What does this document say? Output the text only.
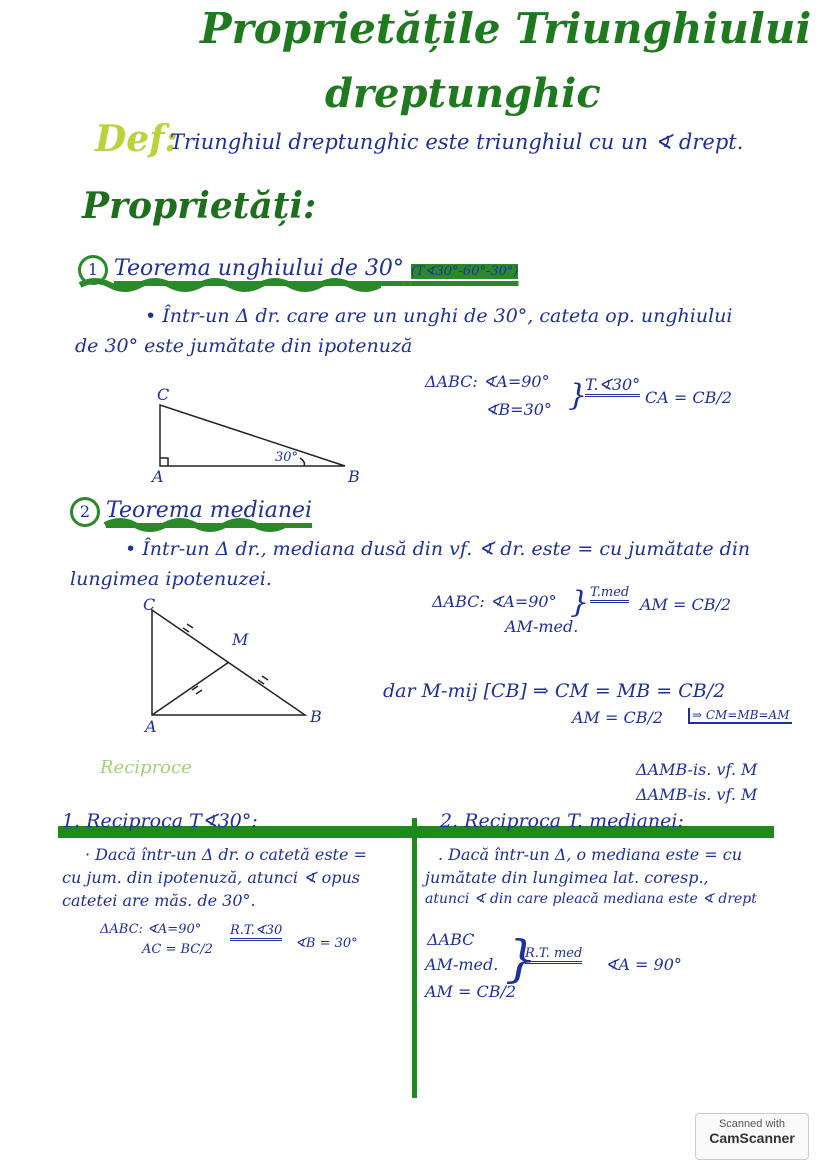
Proprietățile Triunghiului
dreptunghic
Def:
Triunghiul dreptunghic este triunghiul cu un ∢ drept.
Proprietăți:
1 Teorema unghiului de 30° (T∢30°-60°-30°)
• Într-un Δ dr. care are un unghi de 30°, cateta op. unghiului
de 30° este jumătate din ipotenuză
ΔABC: ∢A=90°
∢B=30° }
T.∢30°
CA = CB/2
C
A	B
30°
2 Teorema medianei
• Într-un Δ dr., mediana dusă din vf. ∢ dr. este = cu jumătate din
lungimea ipotenuzei.
ΔABC: ∢A=90°
AM-med.
} T.med
AM = CB/2
C
M
A
B
dar M-mij [CB] ⇒ CM = MB = CB/2
AM = CB/2	⇒ CM=MB=AM
ΔAMB-is. vf. M
ΔAMB-is. vf. M
Reciproce
1. Reciproca T∢30°:
· Dacă într-un Δ dr. o catetă este =
cu jum. din ipotenuză, atunci ∢ opus
catetei are măs. de 30°.
ΔABC: ∢A=90°
AC = BC/2
R.T.∢30
∢B = 30°
2. Reciproca T. medianei:
. Dacă într-un Δ, o mediana este = cu
jumătate din lungimea lat. coresp.,
atunci ∢ din care pleacă mediana este ∢ drept
ΔABC
AM-med.
AM = CB/2
}
R.T. med
∢A = 90°
Scanned with
CamScanner
